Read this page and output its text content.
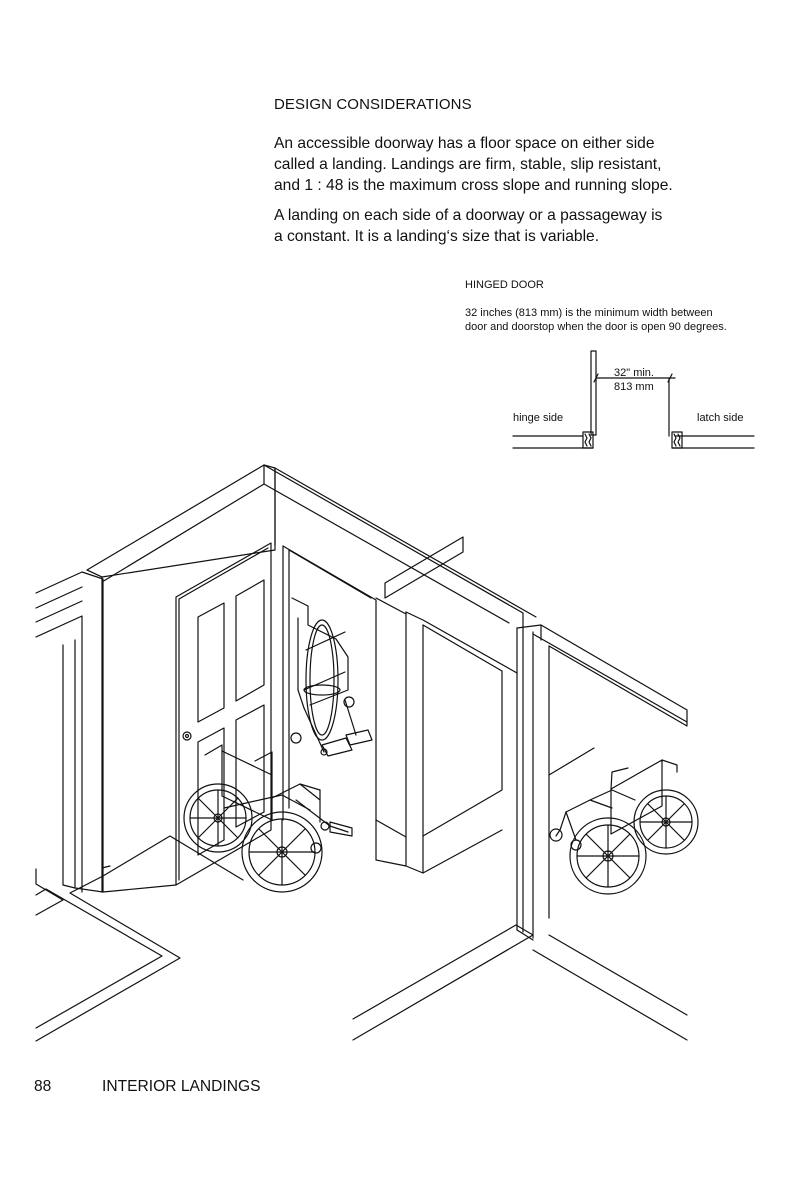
DESIGN CONSIDERATIONS

An accessible doorway has a floor space on either side
called a landing. Landings are firm, stable, slip resistant,
and 1 : 48 is the maximum cross slope and running slope.

A landing on each side of a doorway or a passageway is
a constant. It is a landing‘s size that is variable.

HINGED DOOR
32 inches (813 mm) is the minimum width between
door and doorstop when the door is open 90 degrees.
32" min.
813 mm
hinge side	latch side
88	INTERIOR LANDINGS
